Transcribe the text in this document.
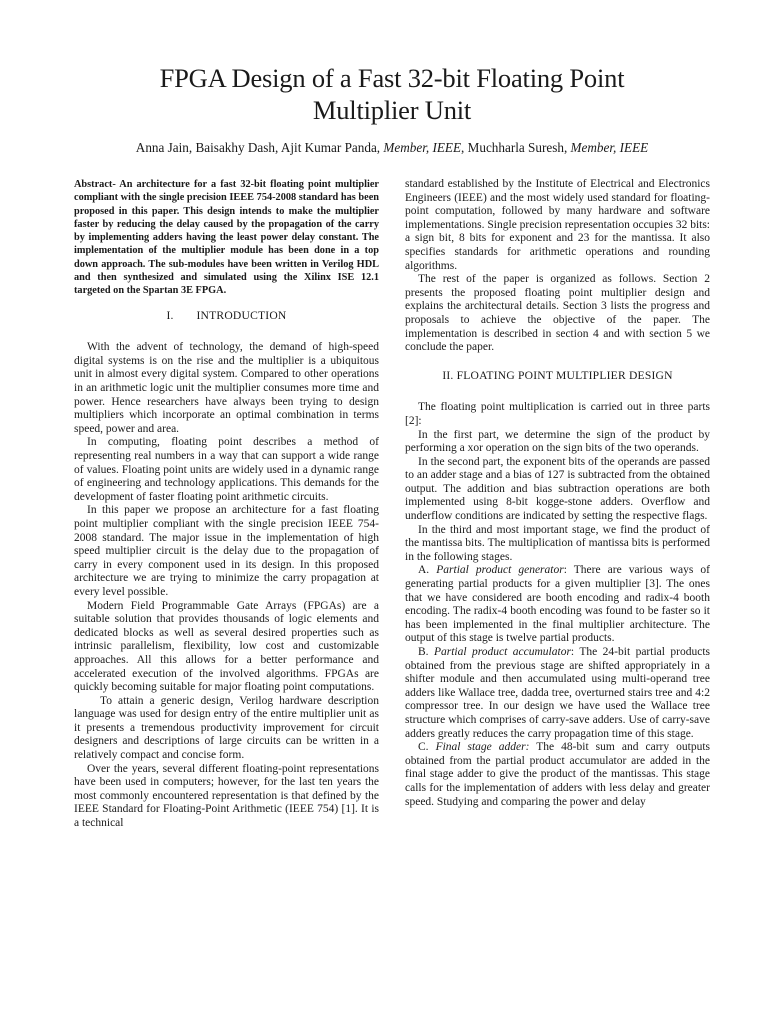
FPGA Design of a Fast 32-bit Floating Point Multiplier Unit
Anna Jain, Baisakhy Dash, Ajit Kumar Panda, Member, IEEE, Muchharla Suresh, Member, IEEE

Abstract- An architecture for a fast 32-bit floating point multiplier compliant with the single precision IEEE 754-2008 standard has been proposed in this paper. This design intends to make the multiplier faster by reducing the delay caused by the propagation of the carry by implementing adders having the least power delay constant. The implementation of the multiplier module has been done in a top down approach. The sub-modules have been written in Verilog HDL and then synthesized and simulated using the Xilinx ISE 12.1 targeted on the Spartan 3E FPGA.

I. INTRODUCTION

With the advent of technology, the demand of high-speed digital systems is on the rise and the multiplier is a ubiquitous unit in almost every digital system. Compared to other operations in an arithmetic logic unit the multiplier consumes more time and power. Hence researchers have always been trying to design multipliers which incorporate an optimal combination in terms speed, power and area.

In computing, floating point describes a method of representing real numbers in a way that can support a wide range of values. Floating point units are widely used in a dynamic range of engineering and technology applications. This demands for the development of faster floating point arithmetic circuits.

In this paper we propose an architecture for a fast floating point multiplier compliant with the single precision IEEE 754-2008 standard. The major issue in the implementation of high speed multiplier circuit is the delay due to the propagation of carry in every component used in its design. In this proposed architecture we are trying to minimize the carry propagation at every level possible.

Modern Field Programmable Gate Arrays (FPGAs) are a suitable solution that provides thousands of logic elements and dedicated blocks as well as several desired properties such as intrinsic parallelism, flexibility, low cost and customizable approaches. All this allows for a better performance and accelerated execution of the involved algorithms. FPGAs are quickly becoming suitable for major floating point computations.

To attain a generic design, Verilog hardware description language was used for design entry of the entire multiplier unit as it presents a tremendous productivity improvement for circuit designers and descriptions of large circuits can be written in a relatively compact and concise form.

Over the years, several different floating-point representations have been used in computers; however, for the last ten years the most commonly encountered representation is that defined by the IEEE Standard for Floating-Point Arithmetic (IEEE 754) [1]. It is a technical

standard established by the Institute of Electrical and Electronics Engineers (IEEE) and the most widely used standard for floating-point computation, followed by many hardware and software implementations. Single precision representation occupies 32 bits: a sign bit, 8 bits for exponent and 23 for the mantissa. It also specifies standards for arithmetic operations and rounding algorithms.

The rest of the paper is organized as follows. Section 2 presents the proposed floating point multiplier design and explains the architectural details. Section 3 lists the progress and proposals to achieve the objective of the paper. The implementation is described in section 4 and with section 5 we conclude the paper.

II. FLOATING POINT MULTIPLIER DESIGN

The floating point multiplication is carried out in three parts [2]:

In the first part, we determine the sign of the product by performing a xor operation on the sign bits of the two operands.

In the second part, the exponent bits of the operands are passed to an adder stage and a bias of 127 is subtracted from the obtained output. The addition and bias subtraction operations are both implemented using 8-bit kogge-stone adders. Overflow and underflow conditions are indicated by setting the respective flags.

In the third and most important stage, we find the product of the mantissa bits. The multiplication of mantissa bits is performed in the following stages.

A. Partial product generator: There are various ways of generating partial products for a given multiplier [3]. The ones that we have considered are booth encoding and radix-4 booth encoding. The radix-4 booth encoding was found to be faster so it has been implemented in the final multiplier architecture. The output of this stage is twelve partial products.

B. Partial product accumulator: The 24-bit partial products obtained from the previous stage are shifted appropriately in a shifter module and then accumulated using multi-operand tree adders like Wallace tree, dadda tree, overturned stairs tree and 4:2 compressor tree. In our design we have used the Wallace tree structure which comprises of carry-save adders. Use of carry-save adders greatly reduces the carry propagation time of this stage.

C. Final stage adder: The 48-bit sum and carry outputs obtained from the partial product accumulator are added in the final stage adder to give the product of the mantissas. This stage calls for the implementation of adders with less delay and greater speed. Studying and comparing the power and delay
